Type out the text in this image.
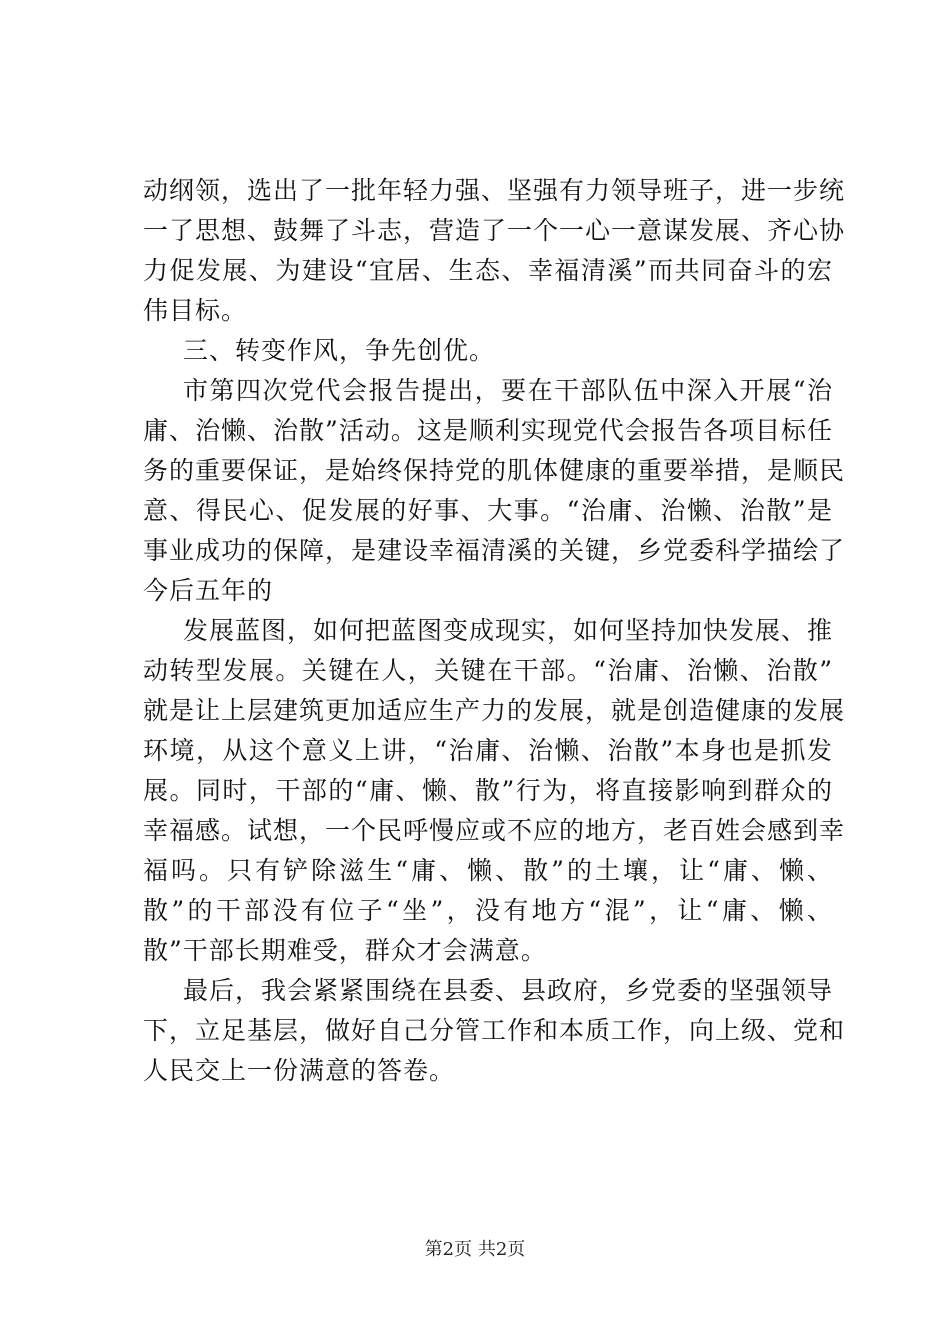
动纲领，选出了一批年轻力强、坚强有力领导班子，进一步统
一了思想、鼓舞了斗志，营造了一个一心一意谋发展、齐心协
力促发展、为建设“宜居、生态、幸福清溪”而共同奋斗的宏
伟目标。
三、转变作风，争先创优。
市第四次党代会报告提出，要在干部队伍中深入开展“治
庸、治懒、治散”活动。这是顺利实现党代会报告各项目标任
务的重要保证，是始终保持党的肌体健康的重要举措，是顺民
意、得民心、促发展的好事、大事。“治庸、治懒、治散”是
事业成功的保障，是建设幸福清溪的关键，乡党委科学描绘了
今后五年的
发展蓝图，如何把蓝图变成现实，如何坚持加快发展、推
动转型发展。关键在人，关键在干部。“治庸、治懒、治散”
就是让上层建筑更加适应生产力的发展，就是创造健康的发展
环境，从这个意义上讲，“治庸、治懒、治散”本身也是抓发
展。同时，干部的“庸、懒、散”行为，将直接影响到群众的
幸福感。试想，一个民呼慢应或不应的地方，老百姓会感到幸
福吗。只有铲除滋生“庸、懒、散”的土壤，让“庸、懒、
散”的干部没有位子“坐”，没有地方“混”，让“庸、懒、
散”干部长期难受，群众才会满意。
最后，我会紧紧围绕在县委、县政府，乡党委的坚强领导
下，立足基层，做好自己分管工作和本质工作，向上级、党和
人民交上一份满意的答卷。
第2页 共2页
